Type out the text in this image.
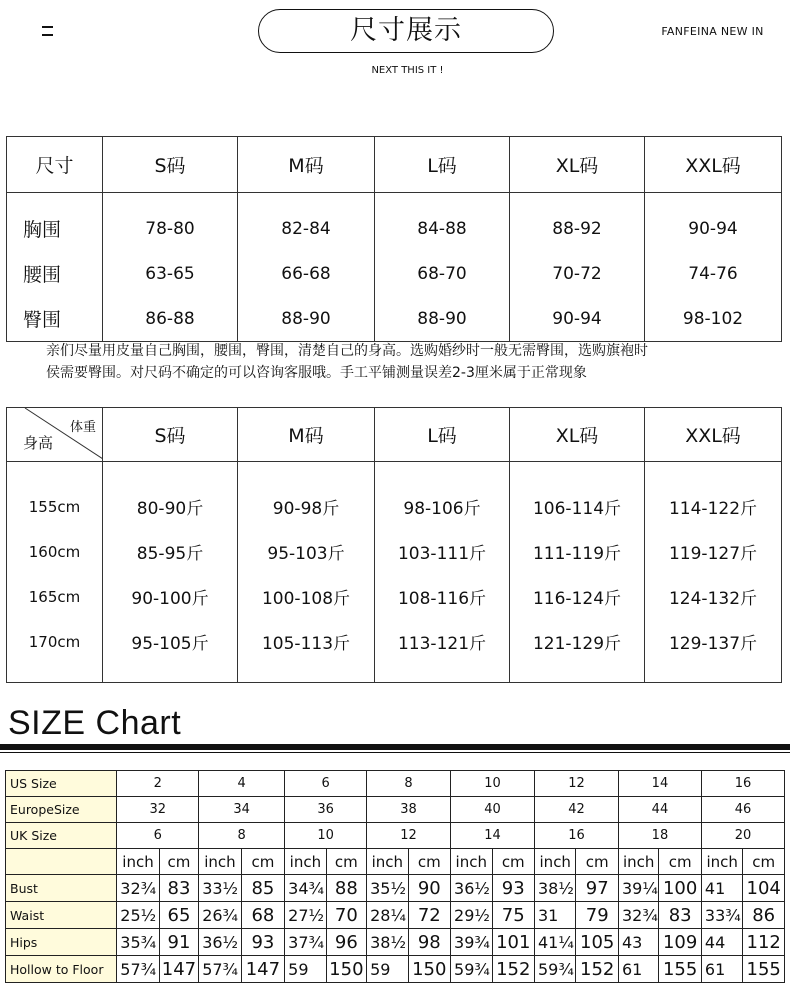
尺寸展示	FANFEINA NEW IN
NEXT THIS IT !
尺寸	S码	M码	L码	XL码	XXL码
胸围	78-80	82-84	84-88	88-92	90-94
腰围	63-65	66-68	68-70	70-72	74-76
臀围	86-88	88-90	88-90	90-94	98-102
亲们尽量用皮量自己胸围，腰围，臀围，清楚自己的身高。选购婚纱时一般无需臀围，选购旗袍时
侯需要臀围。对尺码不确定的可以咨询客服哦。手工平铺测量误差2-3厘米属于正常现象
体重
身高	S码	M码	L码	XL码	XXL码

155cm	80-90斤	90-98斤	98-106斤	106-114斤	114-122斤
160cm	85-95斤	95-103斤	103-111斤	111-119斤	119-127斤
165cm	90-100斤	100-108斤	108-116斤	116-124斤	124-132斤
170cm	95-105斤	105-113斤	113-121斤	121-129斤	129-137斤

SIZE Chart
US Size	2		4		6		8		10		12		14		16	
EuropeSize	32		34		36		38		40		42		44		46	
UK Size	6		8		10		12		14		16		18		20	
	inch	cm	inch	cm	inch	cm	inch	cm	inch	cm	inch	cm	inch	cm	inch	cm
Bust	32¾	83	33½	85	34¾	88	35½	90	36½	93	38½	97	39¼	100	41	104
Waist	25½	65	26¾	68	27½	70	28¼	72	29½	75	31	79	32¾	83	33¾	86
Hips	35¾	91	36½	93	37¾	96	38½	98	39¾	101	41¼	105	43	109	44	112
Hollow to Floor	57¾	147	57¾	147	59	150	59	150	59¾	152	59¾	152	61	155	61	155
